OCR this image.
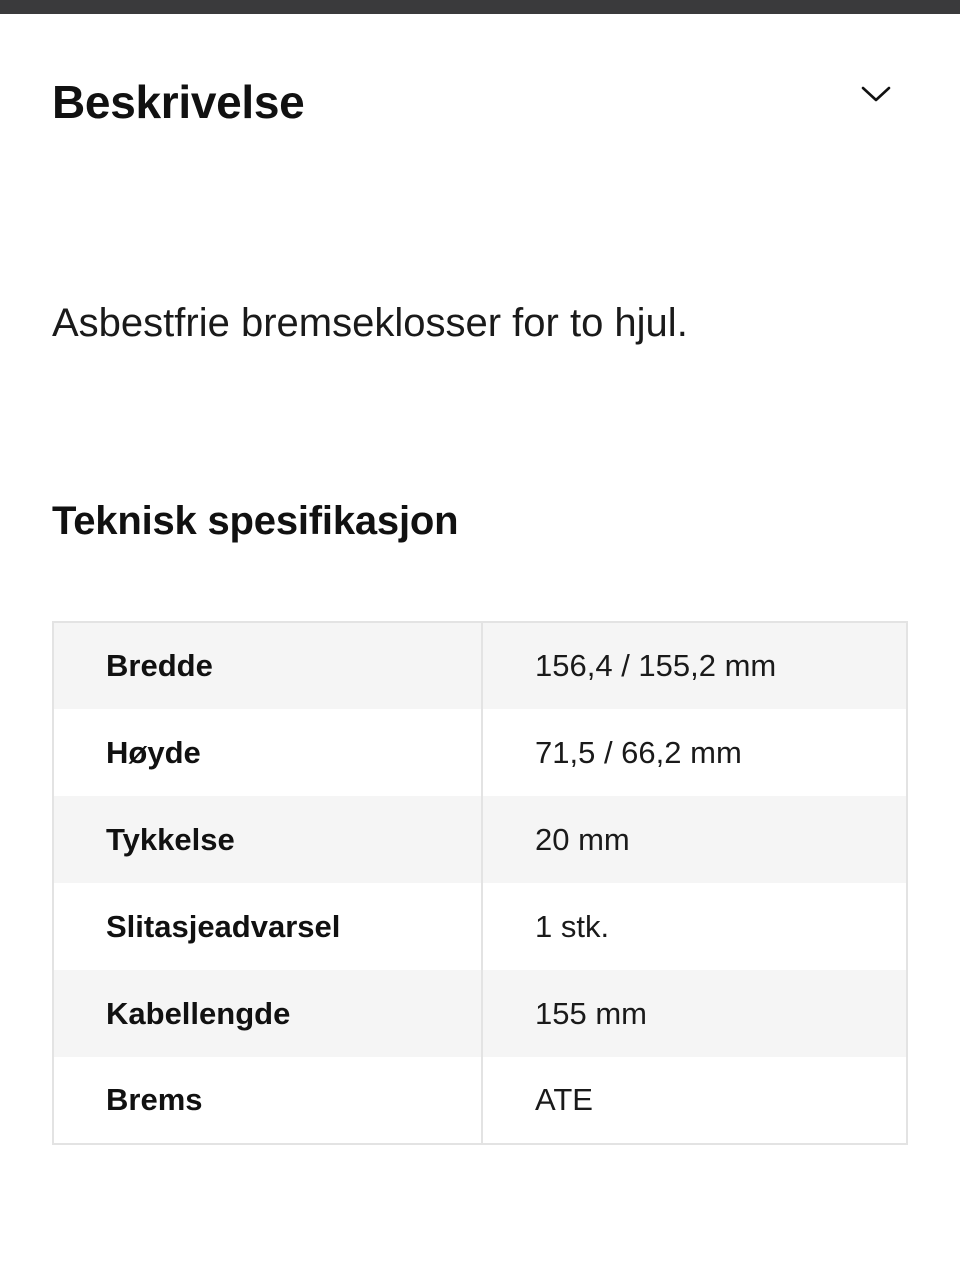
Beskrivelse

Asbestfrie bremseklosser for to hjul.

Teknisk spesifikasjon
Bredde	156,4 / 155,2 mm
Høyde	71,5 / 66,2 mm
Tykkelse	20 mm
Slitasjeadvarsel	1 stk.
Kabellengde	155 mm
Brems	ATE
